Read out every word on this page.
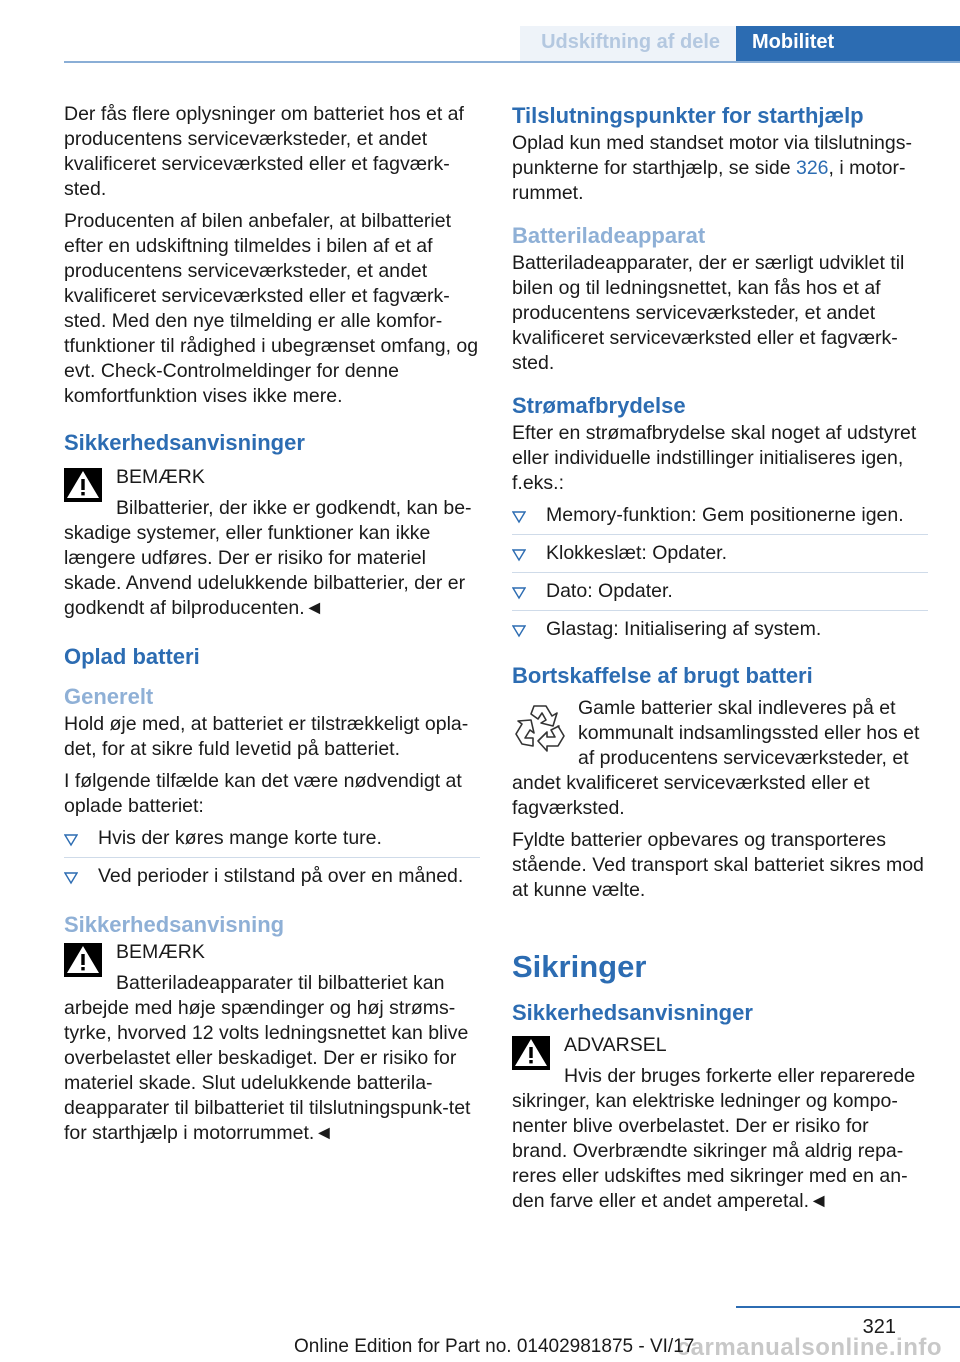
Udskiftning af dele Mobilitet

Der fås flere oplysninger om batteriet hos et af producentens serviceværksteder, et andet kvalificeret serviceværksted eller et fagværk-sted.

Producenten af bilen anbefaler, at bilbatteriet efter en udskiftning tilmeldes i bilen af et af producentens serviceværksteder, et andet kvalificeret serviceværksted eller et fagværk-sted. Med den nye tilmelding er alle komfor-tfunktioner til rådighed i ubegrænset omfang, og evt. Check-Controlmeldinger for denne komfortfunktion vises ikke mere.

Sikkerhedsanvisninger
BEMÆRK

Bilbatterier, der ikke er godkendt, kan be-skadige systemer, eller funktioner kan ikke længere udføres. Der er risiko for materiel skade. Anvend udelukkende bilbatterier, der er godkendt af bilproducenten.◄

Oplad batteri
Generelt

Hold øje med, at batteriet er tilstrækkeligt opla-det, for at sikre fuld levetid på batteriet.

I følgende tilfælde kan det være nødvendigt at oplade batteriet:

Hvis der køres mange korte ture.
Ved perioder i stilstand på over en måned.
Sikkerhedsanvisning
BEMÆRK

Batteriladeapparater til bilbatteriet kan arbejde med høje spændinger og høj strøms-tyrke, hvorved 12 volts ledningsnettet kan blive overbelastet eller beskadiget. Der er risiko for materiel skade. Slut udelukkende batterila-deapparater til bilbatteriet til tilslutningspunk-tet for starthjælp i motorrummet.◄

Tilslutningspunkter for starthjælp

Oplad kun med standset motor via tilslutnings-punkterne for starthjælp, se side 326, i motor-rummet.

Batteriladeapparat

Batteriladeapparater, der er særligt udviklet til bilen og til ledningsnettet, kan fås hos et af producentens serviceværksteder, et andet kvalificeret serviceværksted eller et fagværk-sted.

Strømafbrydelse

Efter en strømafbrydelse skal noget af udstyret eller individuelle indstillinger initialiseres igen, f.eks.:

Memory-funktion: Gem positionerne igen.
Klokkeslæt: Opdater.
Dato: Opdater.
Glastag: Initialisering af system.
Bortskaffelse af brugt batteri

Gamle batterier skal indleveres på et kommunalt indsamlingssted eller hos et af producentens serviceværksteder, et andet kvalificeret serviceværksted eller et fagværksted.

Fyldte batterier opbevares og transporteres stående. Ved transport skal batteriet sikres mod at kunne vælte.

Sikringer
Sikkerhedsanvisninger
ADVARSEL

Hvis der bruges forkerte eller reparerede sikringer, kan elektriske ledninger og kompo-nenter blive overbelastet. Der er risiko for brand. Overbrændte sikringer må aldrig repa-reres eller udskiftes med sikringer med en an-den farve eller et andet amperetal.◄

321
carmanualsonline.info
Online Edition for Part no. 01402981875 - VI/17
